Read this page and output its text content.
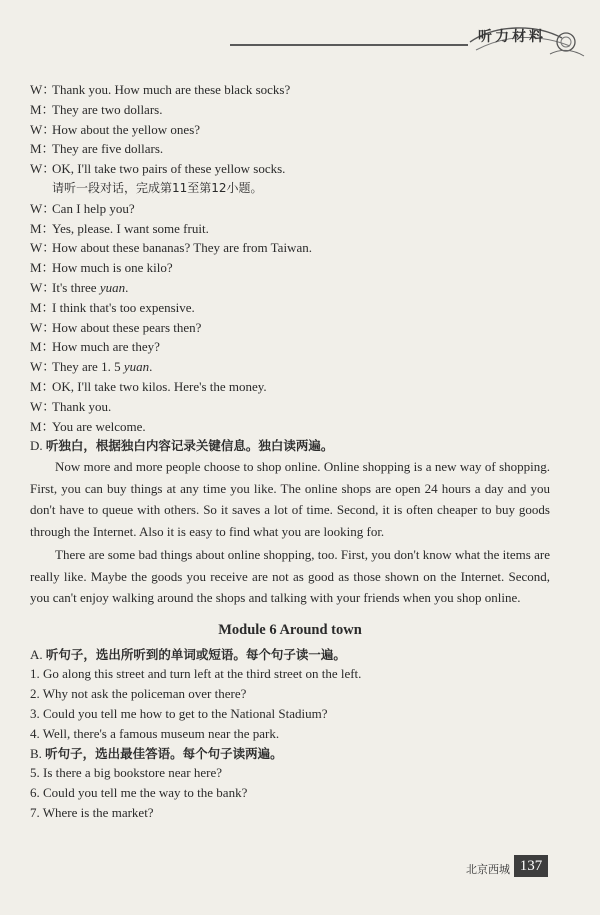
听力材料
W：Thank you. How much are these black socks?
M：They are two dollars.
W：How about the yellow ones?
M：They are five dollars.
W：OK, I'll take two pairs of these yellow socks.
请听一段对话，完成第11至第12小题。
W：Can I help you?
M：Yes, please. I want some fruit.
W：How about these bananas? They are from Taiwan.
M：How much is one kilo?
W：It's three yuan.
M：I think that's too expensive.
W：How about these pears then?
M：How much are they?
W：They are 1. 5 yuan.
M：OK, I'll take two kilos. Here's the money.
W：Thank you.
M：You are welcome.
D. 听独白，根据独白内容记录关键信息。独白读两遍。

Now more and more people choose to shop online. Online shopping is a new way of shopping. First, you can buy things at any time you like. The online shops are open 24 hours a day and you don't have to queue with others. So it saves a lot of time. Second, it is often cheaper to buy goods through the Internet. Also it is easy to find what you are looking for.

There are some bad things about online shopping, too. First, you don't know what the items are really like. Maybe the goods you receive are not as good as those shown on the Internet. Second, you can't enjoy walking around the shops and talking with your friends when you shop online.

Module 6 Around town
A. 听句子，选出所听到的单词或短语。每个句子读一遍。
1. Go along this street and turn left at the third street on the left.
2. Why not ask the policeman over there?
3. Could you tell me how to get to the National Stadium?
4. Well, there's a famous museum near the park.
B. 听句子，选出最佳答语。每个句子读两遍。
5. Is there a big bookstore near here?
6. Could you tell me the way to the bank?
7. Where is the market?
北京西城 137
